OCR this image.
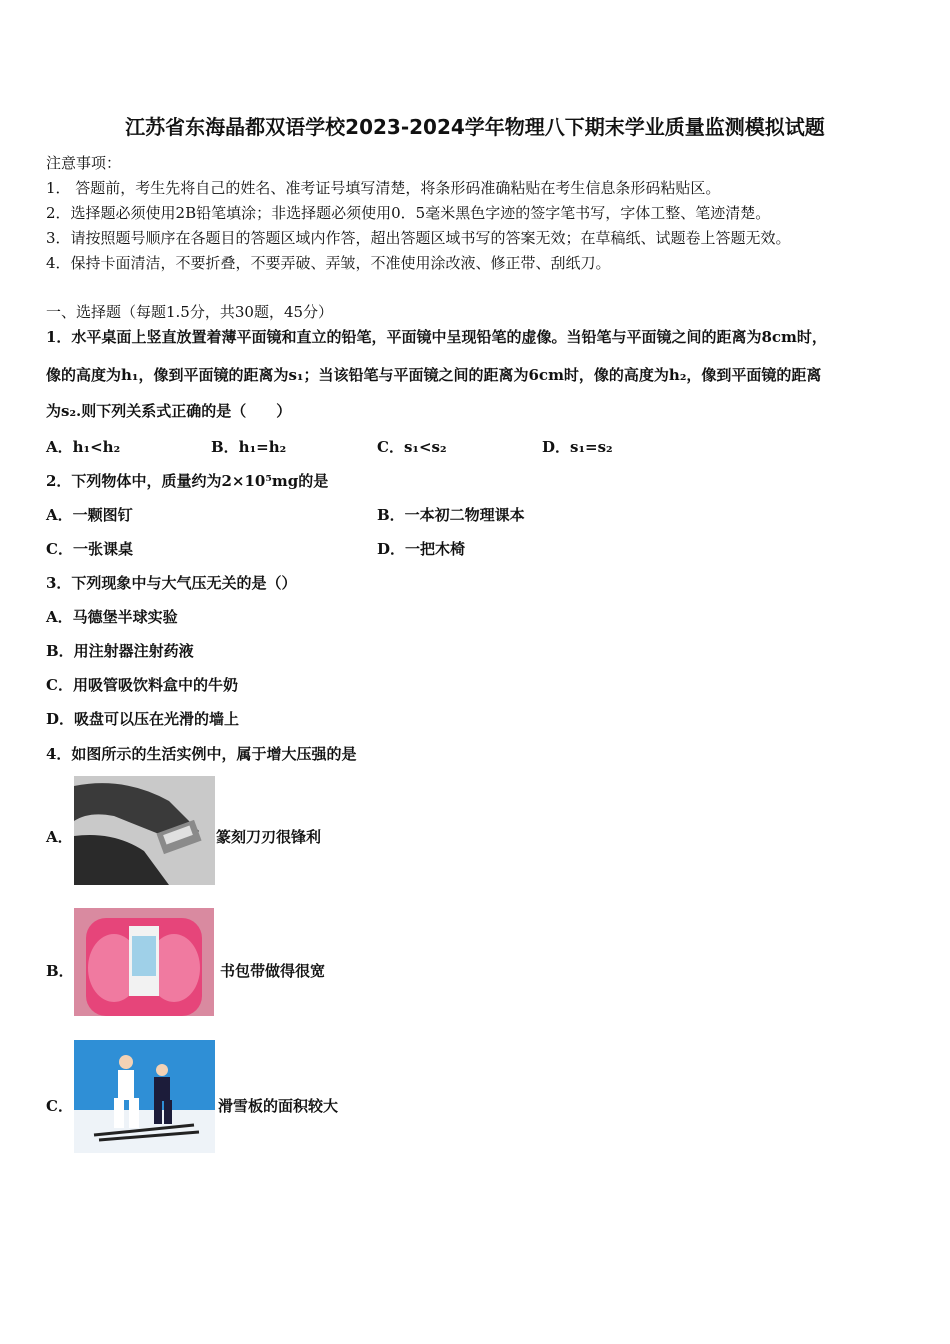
江苏省东海晶都双语学校2023-2024学年物理八下期末学业质量监测模拟试题
注意事项：
1． 答题前，考生先将自己的姓名、准考证号填写清楚，将条形码准确粘贴在考生信息条形码粘贴区。
2．选择题必须使用2B铅笔填涂；非选择题必须使用0．5毫米黑色字迹的签字笔书写，字体工整、笔迹清楚。
3．请按照题号顺序在各题目的答题区域内作答，超出答题区域书写的答案无效；在草稿纸、试题卷上答题无效。
4．保持卡面清洁，不要折叠，不要弄破、弄皱，不准使用涂改液、修正带、刮纸刀。
一、选择题（每题1.5分，共30题，45分）
1．水平桌面上竖直放置着薄平面镜和直立的铅笔，平面镜中呈现铅笔的虚像。当铅笔与平面镜之间的距离为8cm时，
像的高度为h₁，像到平面镜的距离为s₁；当该铅笔与平面镜之间的距离为6cm时，像的高度为h₂，像到平面镜的距离
为s₂.则下列关系式正确的是（　　）
A．h₁<h₂	B．h₁=h₂	C．s₁<s₂	D．s₁=s₂
2．下列物体中，质量约为2×10⁵mg的是
A．一颗图钉	B．一本初二物理课本
C．一张课桌	D．一把木椅
3．下列现象中与大气压无关的是（）
A．马德堡半球实验
B．用注射器注射药液
C．用吸管吸饮料盒中的牛奶
D．吸盘可以压在光滑的墙上
4．如图所示的生活实例中，属于增大压强的是
A．	篆刻刀刃很锋利
B．	书包带做得很宽
C．	滑雪板的面积较大
